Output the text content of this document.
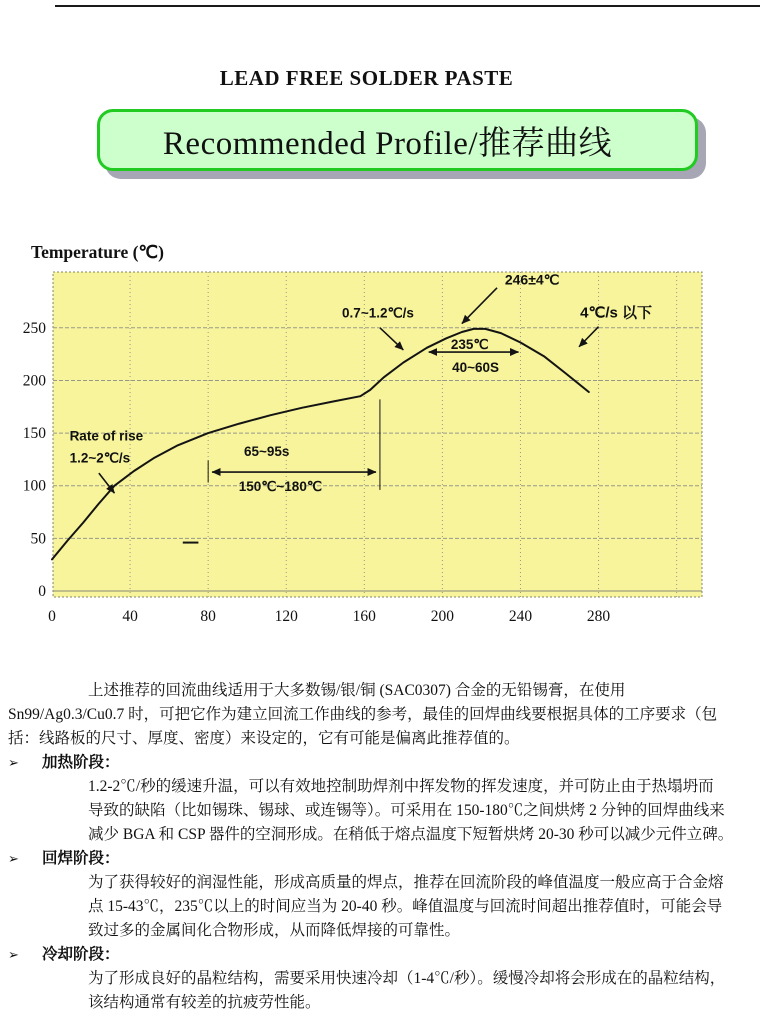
LEAD FREE SOLDER PASTE
Recommended Profile/推荐曲线
0
50
100
150
200
250
0	40	80	120	160	200	240	280
Temperature (℃)
246±4℃
0.7~1.2℃/s	4℃/s 以下
235℃
40~60S
65~95s
150℃~180℃
Rate of rise
1.2~2℃/s
上述推荐的回流曲线适用于大多数锡/银/铜 (SAC0307) 合金的无铅锡膏，在使用
Sn99/Ag0.3/Cu0.7 时，可把它作为建立回流工作曲线的参考，最佳的回焊曲线要根据具体的工序要求（包
括：线路板的尺寸、厚度、密度）来设定的，它有可能是偏离此推荐值的。
➢ 加热阶段：
1.2-2℃/秒的缓速升温，可以有效地控制助焊剂中挥发物的挥发速度，并可防止由于热塌坍而
导致的缺陷（比如锡珠、锡球、或连锡等）。可采用在 150-180℃之间烘烤 2 分钟的回焊曲线来
减少 BGA 和 CSP 器件的空洞形成。在稍低于熔点温度下短暂烘烤 20-30 秒可以减少元件立碑。
➢ 回焊阶段：
为了获得较好的润湿性能，形成高质量的焊点，推荐在回流阶段的峰值温度一般应高于合金熔
点 15-43℃，235℃以上的时间应当为 20-40 秒。峰值温度与回流时间超出推荐值时，可能会导
致过多的金属间化合物形成，从而降低焊接的可靠性。
➢ 冷却阶段：
为了形成良好的晶粒结构，需要采用快速冷却（1-4℃/秒）。缓慢冷却将会形成在的晶粒结构，
该结构通常有较差的抗疲劳性能。
